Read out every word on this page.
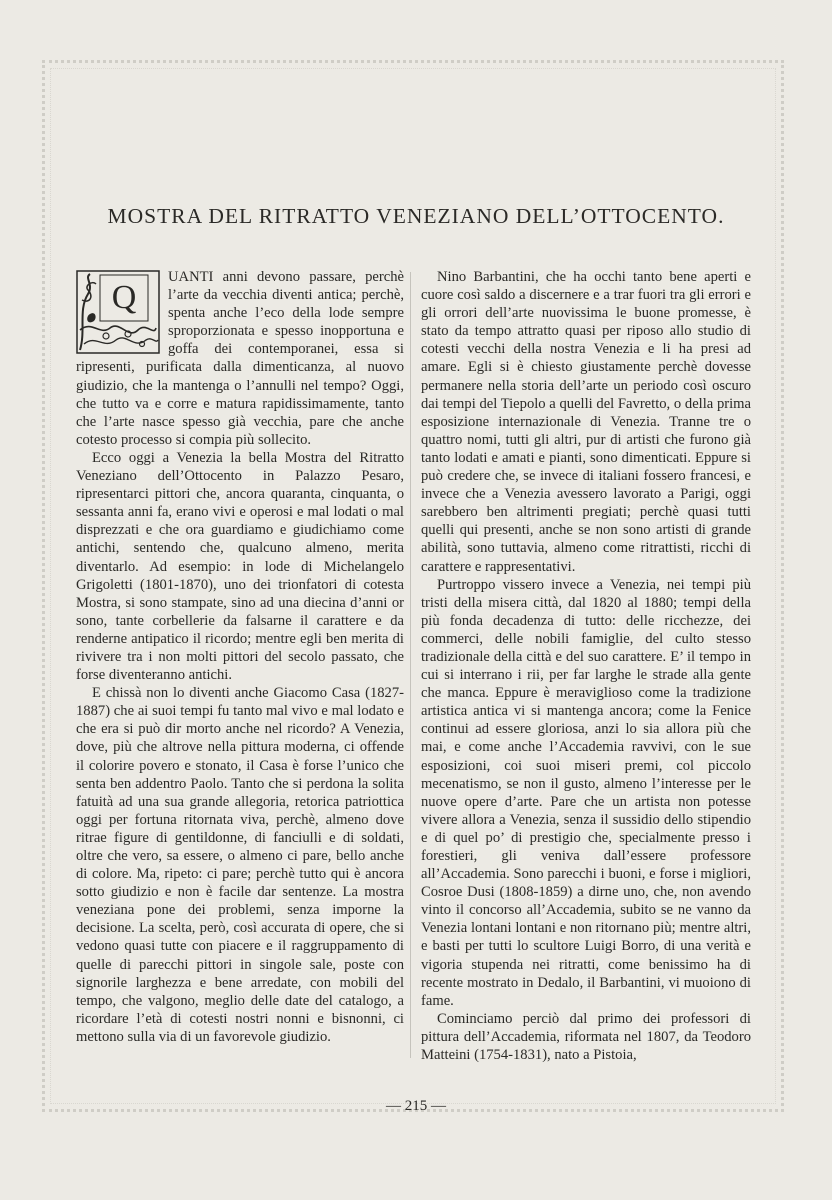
MOSTRA DEL RITRATTO VENEZIANO DELL’OTTOCENTO.
Q

UANTI anni devono passare, perchè l’arte da vecchia diventi antica; perchè, spenta anche l’eco della lode sempre sproporzionata e spesso inopportuna e goffa dei contemporanei, essa si ripresenti, purificata dalla dimenticanza, al nuovo giudizio, che la mantenga o l’annulli nel tempo? Oggi, che tutto va e corre e matura rapidissimamente, tanto che l’arte nasce spesso già vecchia, pare che anche cotesto processo si compia più sollecito.

Ecco oggi a Venezia la bella Mostra del Ritratto Veneziano dell’Ottocento in Palazzo Pesaro, ripresentarci pittori che, ancora quaranta, cinquanta, o sessanta anni fa, erano vivi e operosi e mal lodati o mal disprezzati e che ora guardiamo e giudichiamo come antichi, sentendo che, qualcuno almeno, merita diventarlo. Ad esempio: in lode di Michelangelo Grigoletti (1801-1870), uno dei trionfatori di cotesta Mostra, si sono stampate, sino ad una diecina d’anni or sono, tante corbellerie da falsarne il carattere e da renderne antipatico il ricordo; mentre egli ben merita di rivivere tra i non molti pittori del secolo passato, che forse diventeranno antichi.

E chissà non lo diventi anche Giacomo Casa (1827-1887) che ai suoi tempi fu tanto mal vivo e mal lodato e che era si può dir morto anche nel ricordo? A Venezia, dove, più che altrove nella pittura moderna, ci offende il colorire povero e stonato, il Casa è forse l’unico che senta ben addentro Paolo. Tanto che si perdona la solita fatuità ad una sua grande allegoria, retorica patriottica oggi per fortuna ritornata viva, perchè, almeno dove ritrae figure di gentildonne, di fanciulli e di soldati, oltre che vero, sa essere, o almeno ci pare, bello anche di colore. Ma, ripeto: ci pare; perchè tutto qui è ancora sotto giudizio e non è facile dar sentenze. La mostra veneziana pone dei problemi, senza imporne la decisione. La scelta, però, così accurata di opere, che si vedono quasi tutte con piacere e il raggruppamento di quelle di parecchi pittori in singole sale, poste con signorile larghezza e bene arredate, con mobili del tempo, che valgono, meglio delle date del catalogo, a ricordare l’età di cotesti nostri nonni e bisnonni, ci mettono sulla via di un favorevole giudizio.

Nino Barbantini, che ha occhi tanto bene aperti e cuore così saldo a discernere e a trar fuori tra gli errori e gli orrori dell’arte nuovissima le buone promesse, è stato da tempo attratto quasi per riposo allo studio di cotesti vecchi della nostra Venezia e li ha presi ad amare. Egli si è chiesto giustamente perchè dovesse permanere nella storia dell’arte un periodo così oscuro dai tempi del Tiepolo a quelli del Favretto, o della prima esposizione internazionale di Venezia. Tranne tre o quattro nomi, tutti gli altri, pur di artisti che furono già tanto lodati e amati e pianti, sono dimenticati. Eppure si può credere che, se invece di italiani fossero francesi, e invece che a Venezia avessero lavorato a Parigi, oggi sarebbero ben altrimenti pregiati; perchè quasi tutti quelli qui presenti, anche se non sono artisti di grande abilità, sono tuttavia, almeno come ritrattisti, ricchi di carattere e rappresentativi.

Purtroppo vissero invece a Venezia, nei tempi più tristi della misera città, dal 1820 al 1880; tempi della più fonda decadenza di tutto: delle ricchezze, dei commerci, delle nobili famiglie, del culto stesso tradizionale della città e del suo carattere. E’ il tempo in cui si interrano i rii, per far larghe le strade alla gente che manca. Eppure è meraviglioso come la tradizione artistica antica vi si mantenga ancora; come la Fenice continui ad essere gloriosa, anzi lo sia allora più che mai, e come anche l’Accademia ravvivi, con le sue esposizioni, coi suoi miseri premi, col piccolo mecenatismo, se non il gusto, almeno l’interesse per le nuove opere d’arte. Pare che un artista non potesse vivere allora a Venezia, senza il sussidio dello stipendio e di quel po’ di prestigio che, specialmente presso i forestieri, gli veniva dall’essere professore all’Accademia. Sono parecchi i buoni, e forse i migliori, Cosroe Dusi (1808-1859) a dirne uno, che, non avendo vinto il concorso all’Accademia, subito se ne vanno da Venezia lontani lontani e non ritornano più; mentre altri, e basti per tutti lo scultore Luigi Borro, di una verità e vigoria stupenda nei ritratti, come benissimo ha di recente mostrato in Dedalo, il Barbantini, vi muoiono di fame.

Cominciamo perciò dal primo dei professori di pittura dell’Accademia, riformata nel 1807, da Teodoro Matteini (1754-1831), nato a Pistoia,

— 215 —
